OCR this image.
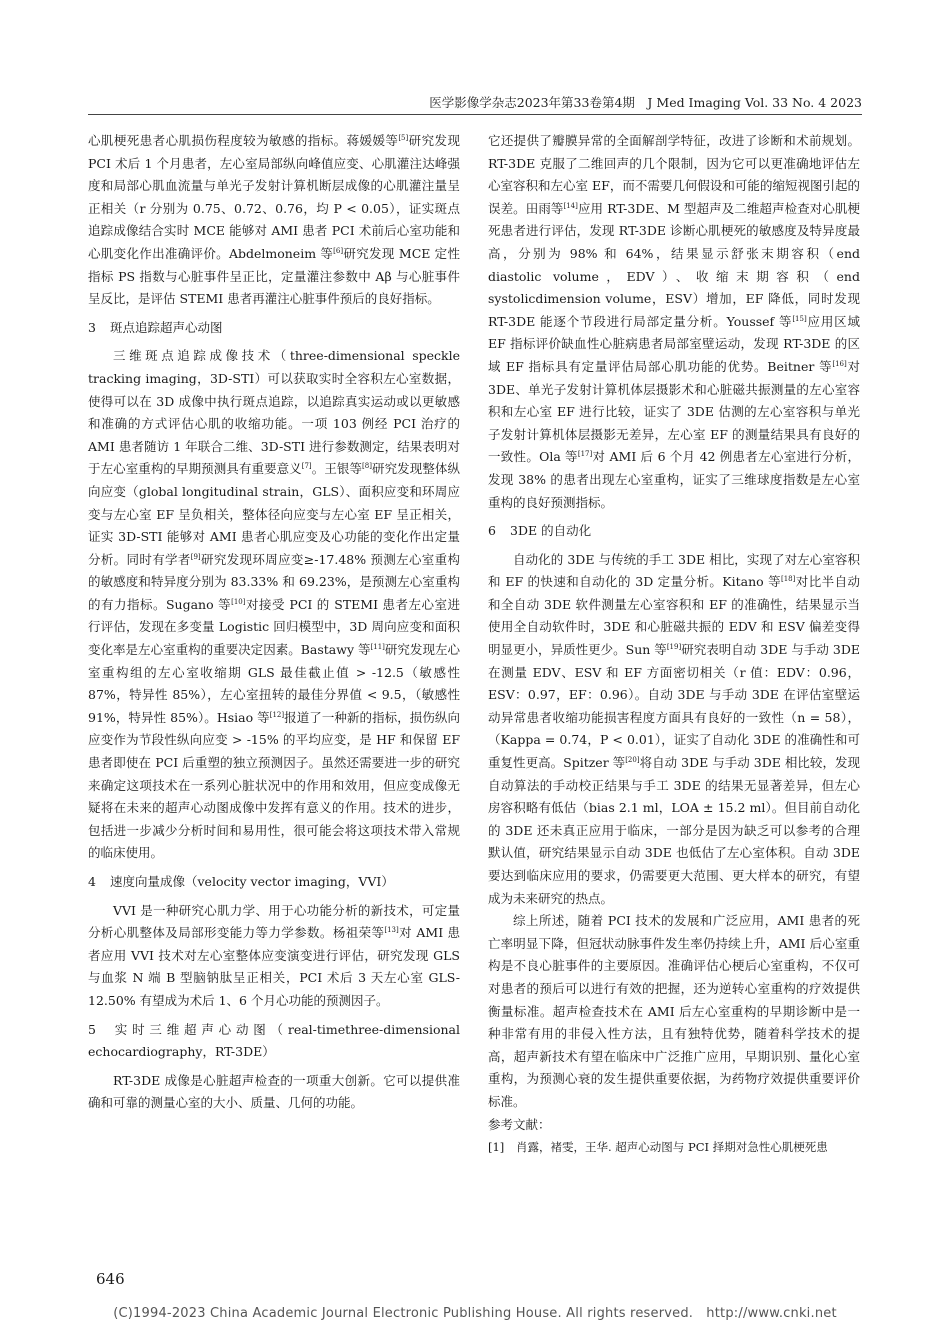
医学影像学杂志2023年第33卷第4期　J Med Imaging Vol. 33 No. 4 2023

心肌梗死患者心肌损伤程度较为敏感的指标。蒋媛媛等[5]研究发现 PCI 术后 1 个月患者，左心室局部纵向峰值应变、心肌灌注达峰强度和局部心肌血流量与单光子发射计算机断层成像的心肌灌注量呈正相关（r 分别为 0.75、0.72、0.76，均 P < 0.05），证实斑点追踪成像结合实时 MCE 能够对 AMI 患者 PCI 术前后心室功能和心肌变化作出准确评价。Abdelmoneim 等[6]研究发现 MCE 定性指标 PS 指数与心脏事件呈正比，定量灌注参数中 Aβ 与心脏事件呈反比，是评估 STEMI 患者再灌注心脏事件预后的良好指标。

3 斑点追踪超声心动图

三维斑点追踪成像技术（three-dimensional speckle tracking imaging，3D-STI）可以获取实时全容积左心室数据，使得可以在 3D 成像中执行斑点追踪，以追踪真实运动或以更敏感和准确的方式评估心肌的收缩功能。一项 103 例经 PCI 治疗的 AMI 患者随访 1 年联合二维、3D-STI 进行参数测定，结果表明对于左心室重构的早期预测具有重要意义[7]。王银等[8]研究发现整体纵向应变（global longitudinal strain，GLS）、面积应变和环周应变与左心室 EF 呈负相关，整体径向应变与左心室 EF 呈正相关，证实 3D-STI 能够对 AMI 患者心肌应变及心功能的变化作出定量分析。同时有学者[9]研究发现环周应变≥-17.48% 预测左心室重构的敏感度和特异度分别为 83.33% 和 69.23%，是预测左心室重构的有力指标。Sugano 等[10]对接受 PCI 的 STEMI 患者左心室进行评估，发现在多变量 Logistic 回归模型中，3D 周向应变和面积变化率是左心室重构的重要决定因素。Bastawy 等[11]研究发现左心室重构组的左心室收缩期 GLS 最佳截止值 > -12.5（敏感性 87%，特异性 85%），左心室扭转的最佳分界值 < 9.5，（敏感性 91%，特异性 85%）。Hsiao 等[12]报道了一种新的指标，损伤纵向应变作为节段性纵向应变 > -15% 的平均应变，是 HF 和保留 EF 患者即使在 PCI 后重塑的独立预测因子。虽然还需要进一步的研究来确定这项技术在一系列心脏状况中的作用和效用，但应变成像无疑将在未来的超声心动图成像中发挥有意义的作用。技术的进步，包括进一步减少分析时间和易用性，很可能会将这项技术带入常规的临床使用。

4 速度向量成像（velocity vector imaging，VVI）

VVI 是一种研究心肌力学、用于心功能分析的新技术，可定量分析心肌整体及局部形变能力等力学参数。杨祖荣等[13]对 AMI 患者应用 VVI 技术对左心室整体应变演变进行评估，研究发现 GLS 与血浆 N 端 B 型脑钠肽呈正相关，PCI 术后 3 天左心室 GLS-12.50% 有望成为术后 1、6 个月心功能的预测因子。

5 实时三维超声心动图（real-timethree-dimensional echocardiography，RT-3DE）

RT-3DE 成像是心脏超声检查的一项重大创新。它可以提供准确和可靠的测量心室的大小、质量、几何的功能。

它还提供了瓣膜异常的全面解剖学特征，改进了诊断和术前规划。RT-3DE 克服了二维回声的几个限制，因为它可以更准确地评估左心室容积和左心室 EF，而不需要几何假设和可能的缩短视图引起的误差。田雨等[14]应用 RT-3DE、M 型超声及二维超声检查对心肌梗死患者进行评估，发现 RT-3DE 诊断心肌梗死的敏感度及特异度最高，分别为 98% 和 64%，结果显示舒张末期容积（end diastolic volume，EDV）、收缩末期容积（end systolicdimension volume，ESV）增加，EF 降低，同时发现 RT-3DE 能逐个节段进行局部定量分析。Youssef 等[15]应用区域 EF 指标评价缺血性心脏病患者局部室壁运动，发现 RT-3DE 的区域 EF 指标具有定量评估局部心肌功能的优势。Beitner 等[16]对 3DE、单光子发射计算机体层摄影术和心脏磁共振测量的左心室容积和左心室 EF 进行比较，证实了 3DE 估测的左心室容积与单光子发射计算机体层摄影无差异，左心室 EF 的测量结果具有良好的一致性。Ola 等[17]对 AMI 后 6 个月 42 例患者左心室进行分析，发现 38% 的患者出现左心室重构，证实了三维球度指数是左心室重构的良好预测指标。

6 3DE 的自动化

自动化的 3DE 与传统的手工 3DE 相比，实现了对左心室容积和 EF 的快速和自动化的 3D 定量分析。Kitano 等[18]对比半自动和全自动 3DE 软件测量左心室容积和 EF 的准确性，结果显示当使用全自动软件时，3DE 和心脏磁共振的 EDV 和 ESV 偏差变得明显更小，异质性更少。Sun 等[19]研究表明自动 3DE 与手动 3DE 在测量 EDV、ESV 和 EF 方面密切相关（r 值：EDV：0.96，ESV：0.97，EF：0.96）。自动 3DE 与手动 3DE 在评估室壁运动异常患者收缩功能损害程度方面具有良好的一致性（n = 58），（Kappa = 0.74，P < 0.01），证实了自动化 3DE 的准确性和可重复性更高。Spitzer 等[20]将自动 3DE 与手动 3DE 相比较，发现自动算法的手动校正结果与手工 3DE 的结果无显著差异，但左心房容积略有低估（bias 2.1 ml，LOA ± 15.2 ml）。但目前自动化的 3DE 还未真正应用于临床，一部分是因为缺乏可以参考的合理默认值，研究结果显示自动 3DE 也低估了左心室体积。自动 3DE 要达到临床应用的要求，仍需要更大范围、更大样本的研究，有望成为未来研究的热点。

综上所述，随着 PCI 技术的发展和广泛应用，AMI 患者的死亡率明显下降，但冠状动脉事件发生率仍持续上升，AMI 后心室重构是不良心脏事件的主要原因。准确评估心梗后心室重构，不仅可对患者的预后可以进行有效的把握，还为逆转心室重构的疗效提供衡量标准。超声检查技术在 AMI 后左心室重构的早期诊断中是一种非常有用的非侵入性方法，且有独特优势，随着科学技术的提高，超声新技术有望在临床中广泛推广应用，早期识别、量化心室重构，为预测心衰的发生提供重要依据，为药物疗效提供重要评价标准。

参考文献：

[1] 肖露，褚雯，王华. 超声心动图与 PCI 择期对急性心肌梗死患

646
(C)1994-2023 China Academic Journal Electronic Publishing House. All rights reserved.　http://www.cnki.net
